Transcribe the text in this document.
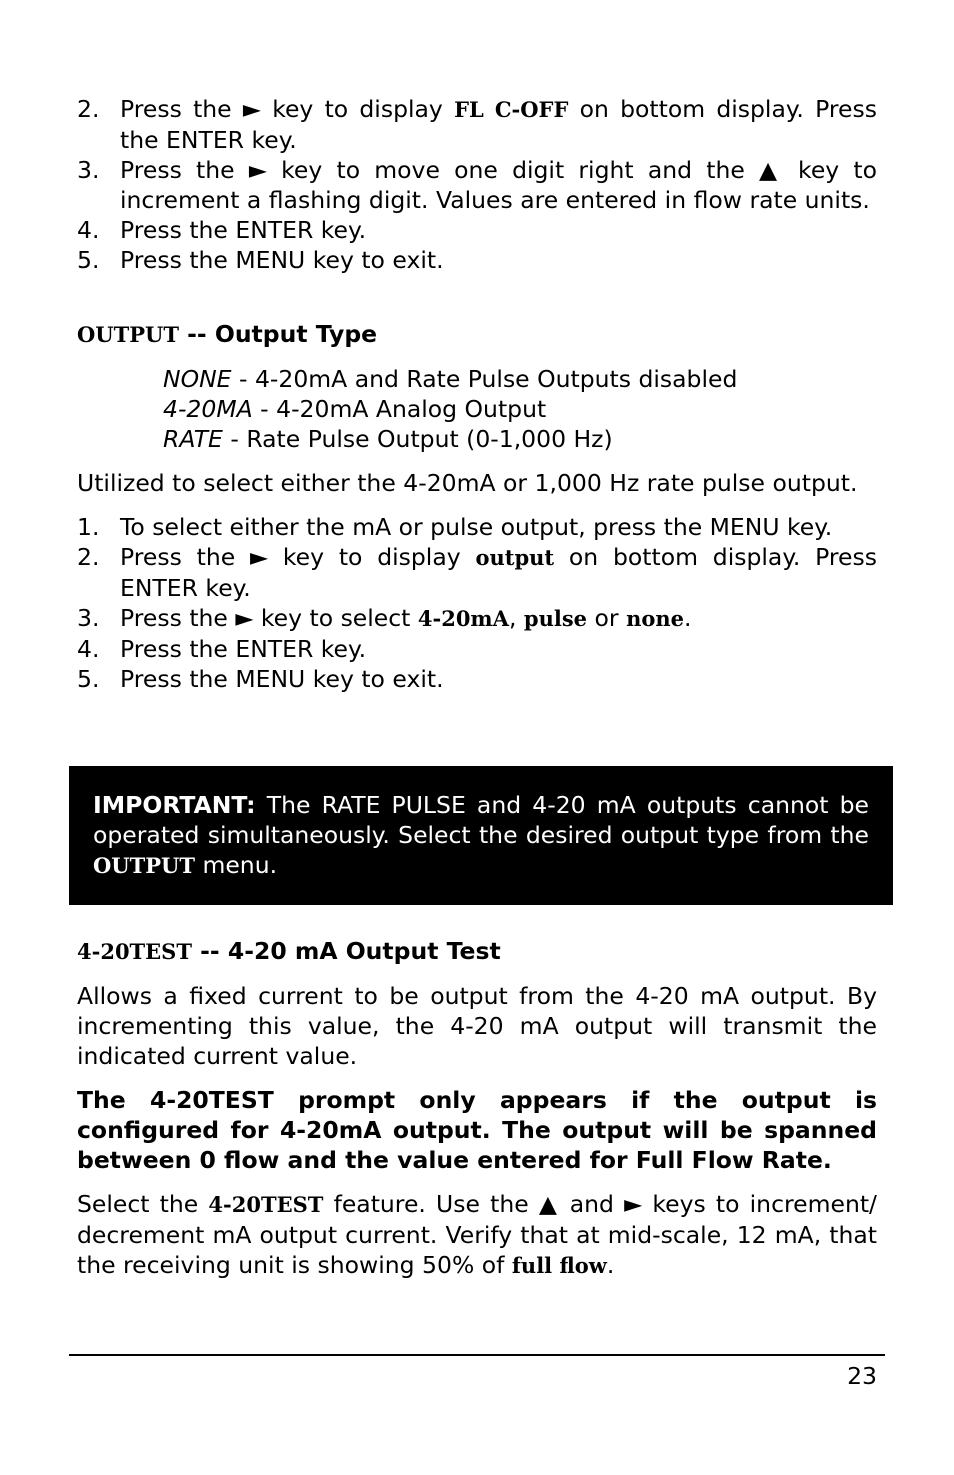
2. Press the ► key to display FL C-OFF on bottom display. Press the ENTER key.
3. Press the ► key to move one digit right and the ▲ key to increment a flashing digit. Values are entered in flow rate units.
4. Press the ENTER key.
5. Press the MENU key to exit.
OUTPUT -- Output Type
NONE - 4-20mA and Rate Pulse Outputs disabled
4-20MA - 4-20mA Analog Output
RATE - Rate Pulse Output (0-1,000 Hz)
Utilized to select either the 4-20mA or 1,000 Hz rate pulse output.
1. To select either the mA or pulse output, press the MENU key.
2. Press the ► key to display output on bottom display. Press ENTER key.
3. Press the ► key to select 4-20mA, pulse or none.
4. Press the ENTER key.
5. Press the MENU key to exit.
IMPORTANT: The RATE PULSE and 4-20 mA outputs cannot be operated simultaneously. Select the desired output type from the OUTPUT menu.
4-20TEST -- 4-20 mA Output Test
Allows a fixed current to be output from the 4-20 mA output. By incrementing this value, the 4-20 mA output will transmit the indicated current value.
The 4-20TEST prompt only appears if the output is configured for 4-20mA output. The output will be spanned between 0 flow and the value entered for Full Flow Rate.
Select the 4-20TEST feature. Use the ▲ and ► keys to increment/ decrement mA output current. Verify that at mid-scale, 12 mA, that the receiving unit is showing 50% of full flow.
23
